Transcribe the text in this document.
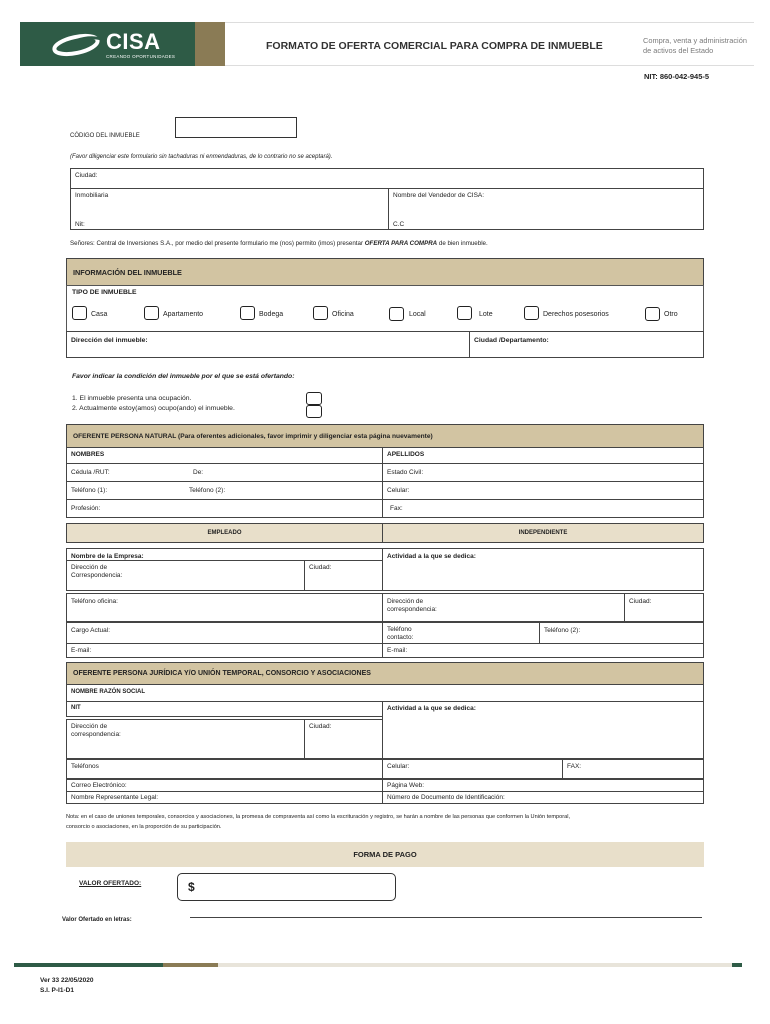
CISA
CREANDO OPORTUNIDADES
FORMATO DE OFERTA COMERCIAL PARA COMPRA DE INMUEBLE	Compra, venta y administración
de activos del Estado
NIT: 860-042-945-5
CÓDIGO DEL INMUEBLE
(Favor diligenciar este formulario sin tachaduras ni enmendaduras, de lo contrario no se aceptará).
Ciudad:
Inmobiliaria	Nombre del Vendedor de CISA:
Nit:	C.C
Señores: Central de Inversiones S.A., por medio del presente formulario me (nos) permito (imos) presentar OFERTA PARA COMPRA de bien inmueble.
INFORMACIÓN DEL INMUEBLE
TIPO DE INMUEBLE
Casa	Apartamento	Bodega	Oficina	Local	Lote	Derechos posesorios	Otro
Dirección del inmueble:	Ciudad /Departamento:
Favor indicar la condición del inmueble por el que se está ofertando:
1. El inmueble presenta una ocupación.
2. Actualmente estoy(amos) ocupo(ando) el inmueble.
OFERENTE PERSONA NATURAL (Para oferentes adicionales, favor imprimir y diligenciar esta página nuevamente)
NOMBRES	APELLIDOS
Cédula /RUT:	De:	Estado Civil:
Teléfono (1):	Teléfono (2):	Celular:
Profesión:	Fax:
EMPLEADO	INDEPENDIENTE
Nombre de la Empresa:
Dirección de
Correspondencia:
Ciudad:
Actividad a la que se dedica:
Teléfono oficina:	Dirección de
correspondencia:
Ciudad:
Cargo Actual:	Teléfono
contacto:
Teléfono (2):
E-mail:	E-mail:
OFERENTE PERSONA JURÍDICA Y/O UNIÓN TEMPORAL, CONSORCIO Y ASOCIACIONES
NOMBRE RAZÓN SOCIAL
NIT	Actividad a la que se dedica:
Dirección de
correspondencia:
Ciudad:
Teléfonos	Celular:	FAX:
Correo Electrónico:	Página Web:
Nombre Representante Legal:	Número de Documento de Identificación:
Nota: en el caso de uniones temporales, consorcios y asociaciones, la promesa de compraventa así como la escrituración y registro, se harán a nombre de las personas que conformen la Unión temporal,
consorcio o asociaciones, en la proporción de su participación.
FORMA DE PAGO
VALOR OFERTADO:	$
Valor Ofertado en letras:
Ver 33 22/05/2020
S.I. P-I1-D1
